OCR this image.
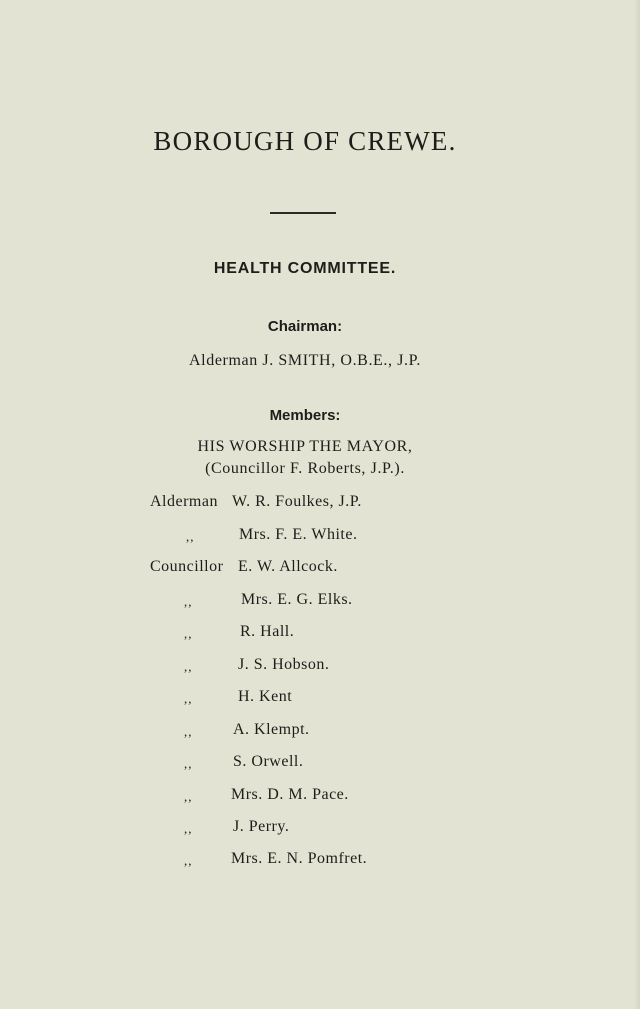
BOROUGH OF CREWE.
HEALTH COMMITTEE.
Chairman:
Alderman J. SMITH, O.B.E., J.P.
Members:
HIS WORSHIP THE MAYOR,
(Councillor F. Roberts, J.P.).
Alderman W. R. Foulkes, J.P.
,,	Mrs. F. E. White.
Councillor E. W. Allcock.
,,	Mrs. E. G. Elks.
,,	R. Hall.
,,	J. S. Hobson.
,,	H. Kent
,,	A. Klempt.
,,	S. Orwell.
,, Mrs. D. M. Pace.
,,	J. Perry.
,, Mrs. E. N. Pomfret.
